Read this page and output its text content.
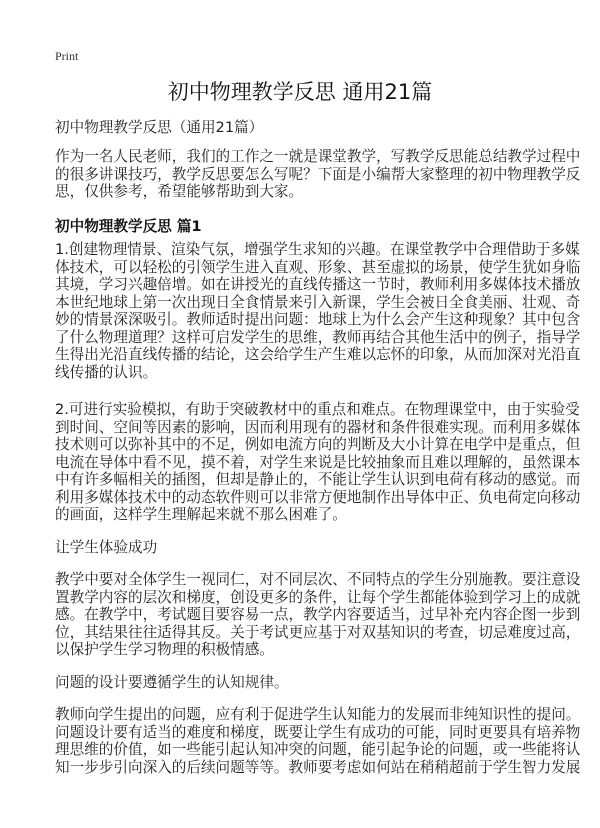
Print
初中物理教学反思 通用21篇
初中物理教学反思（通用21篇）
作为一名人民老师，我们的工作之一就是课堂教学，写教学反思能总结教学过程中
的很多讲课技巧，教学反思要怎么写呢？下面是小编帮大家整理的初中物理教学反
思，仅供参考，希望能够帮助到大家。
初中物理教学反思 篇1
1.创建物理情景、渲染气氛，增强学生求知的兴趣。在课堂教学中合理借助于多媒
体技术，可以轻松的引领学生进入直观、形象、甚至虚拟的场景，使学生犹如身临
其境，学习兴趣倍增。如在讲授光的直线传播这一节时，教师利用多媒体技术播放
本世纪地球上第一次出现日全食情景来引入新课，学生会被日全食美丽、壮观、奇
妙的情景深深吸引。教师适时提出问题：地球上为什么会产生这种现象？其中包含
了什么物理道理？这样可启发学生的思维，教师再结合其他生活中的例子，指导学
生得出光沿直线传播的结论，这会给学生产生难以忘怀的印象，从而加深对光沿直
线传播的认识。
2.可进行实验模拟，有助于突破教材中的重点和难点。在物理课堂中，由于实验受
到时间、空间等因素的影响，因而利用现有的器材和条件很难实现。而利用多媒体
技术则可以弥补其中的不足，例如电流方向的判断及大小计算在电学中是重点，但
电流在导体中看不见，摸不着，对学生来说是比较抽象而且难以理解的，虽然课本
中有许多幅相关的插图，但却是静止的，不能让学生认识到电荷有移动的感觉。而
利用多媒体技术中的动态软件则可以非常方便地制作出导体中正、负电荷定向移动
的画面，这样学生理解起来就不那么困难了。
让学生体验成功
教学中要对全体学生一视同仁，对不同层次、不同特点的学生分别施教。要注意设
置教学内容的层次和梯度，创设更多的条件，让每个学生都能体验到学习上的成就
感。在教学中，考试题目要容易一点，教学内容要适当，过早补充内容企图一步到
位，其结果往往适得其反。关于考试更应基于对双基知识的考查，切忌难度过高，
以保护学生学习物理的积极情感。
问题的设计要遵循学生的认知规律。
教师向学生提出的问题，应有利于促进学生认知能力的发展而非纯知识性的提问。
问题设计要有适当的难度和梯度，既要让学生有成功的可能，同时更要具有培养物
理思维的价值，如一些能引起认知冲突的问题，能引起争论的问题，或一些能将认
知一步步引向深入的后续问题等等。教师要考虑如何站在稍稍超前于学生智力发展
